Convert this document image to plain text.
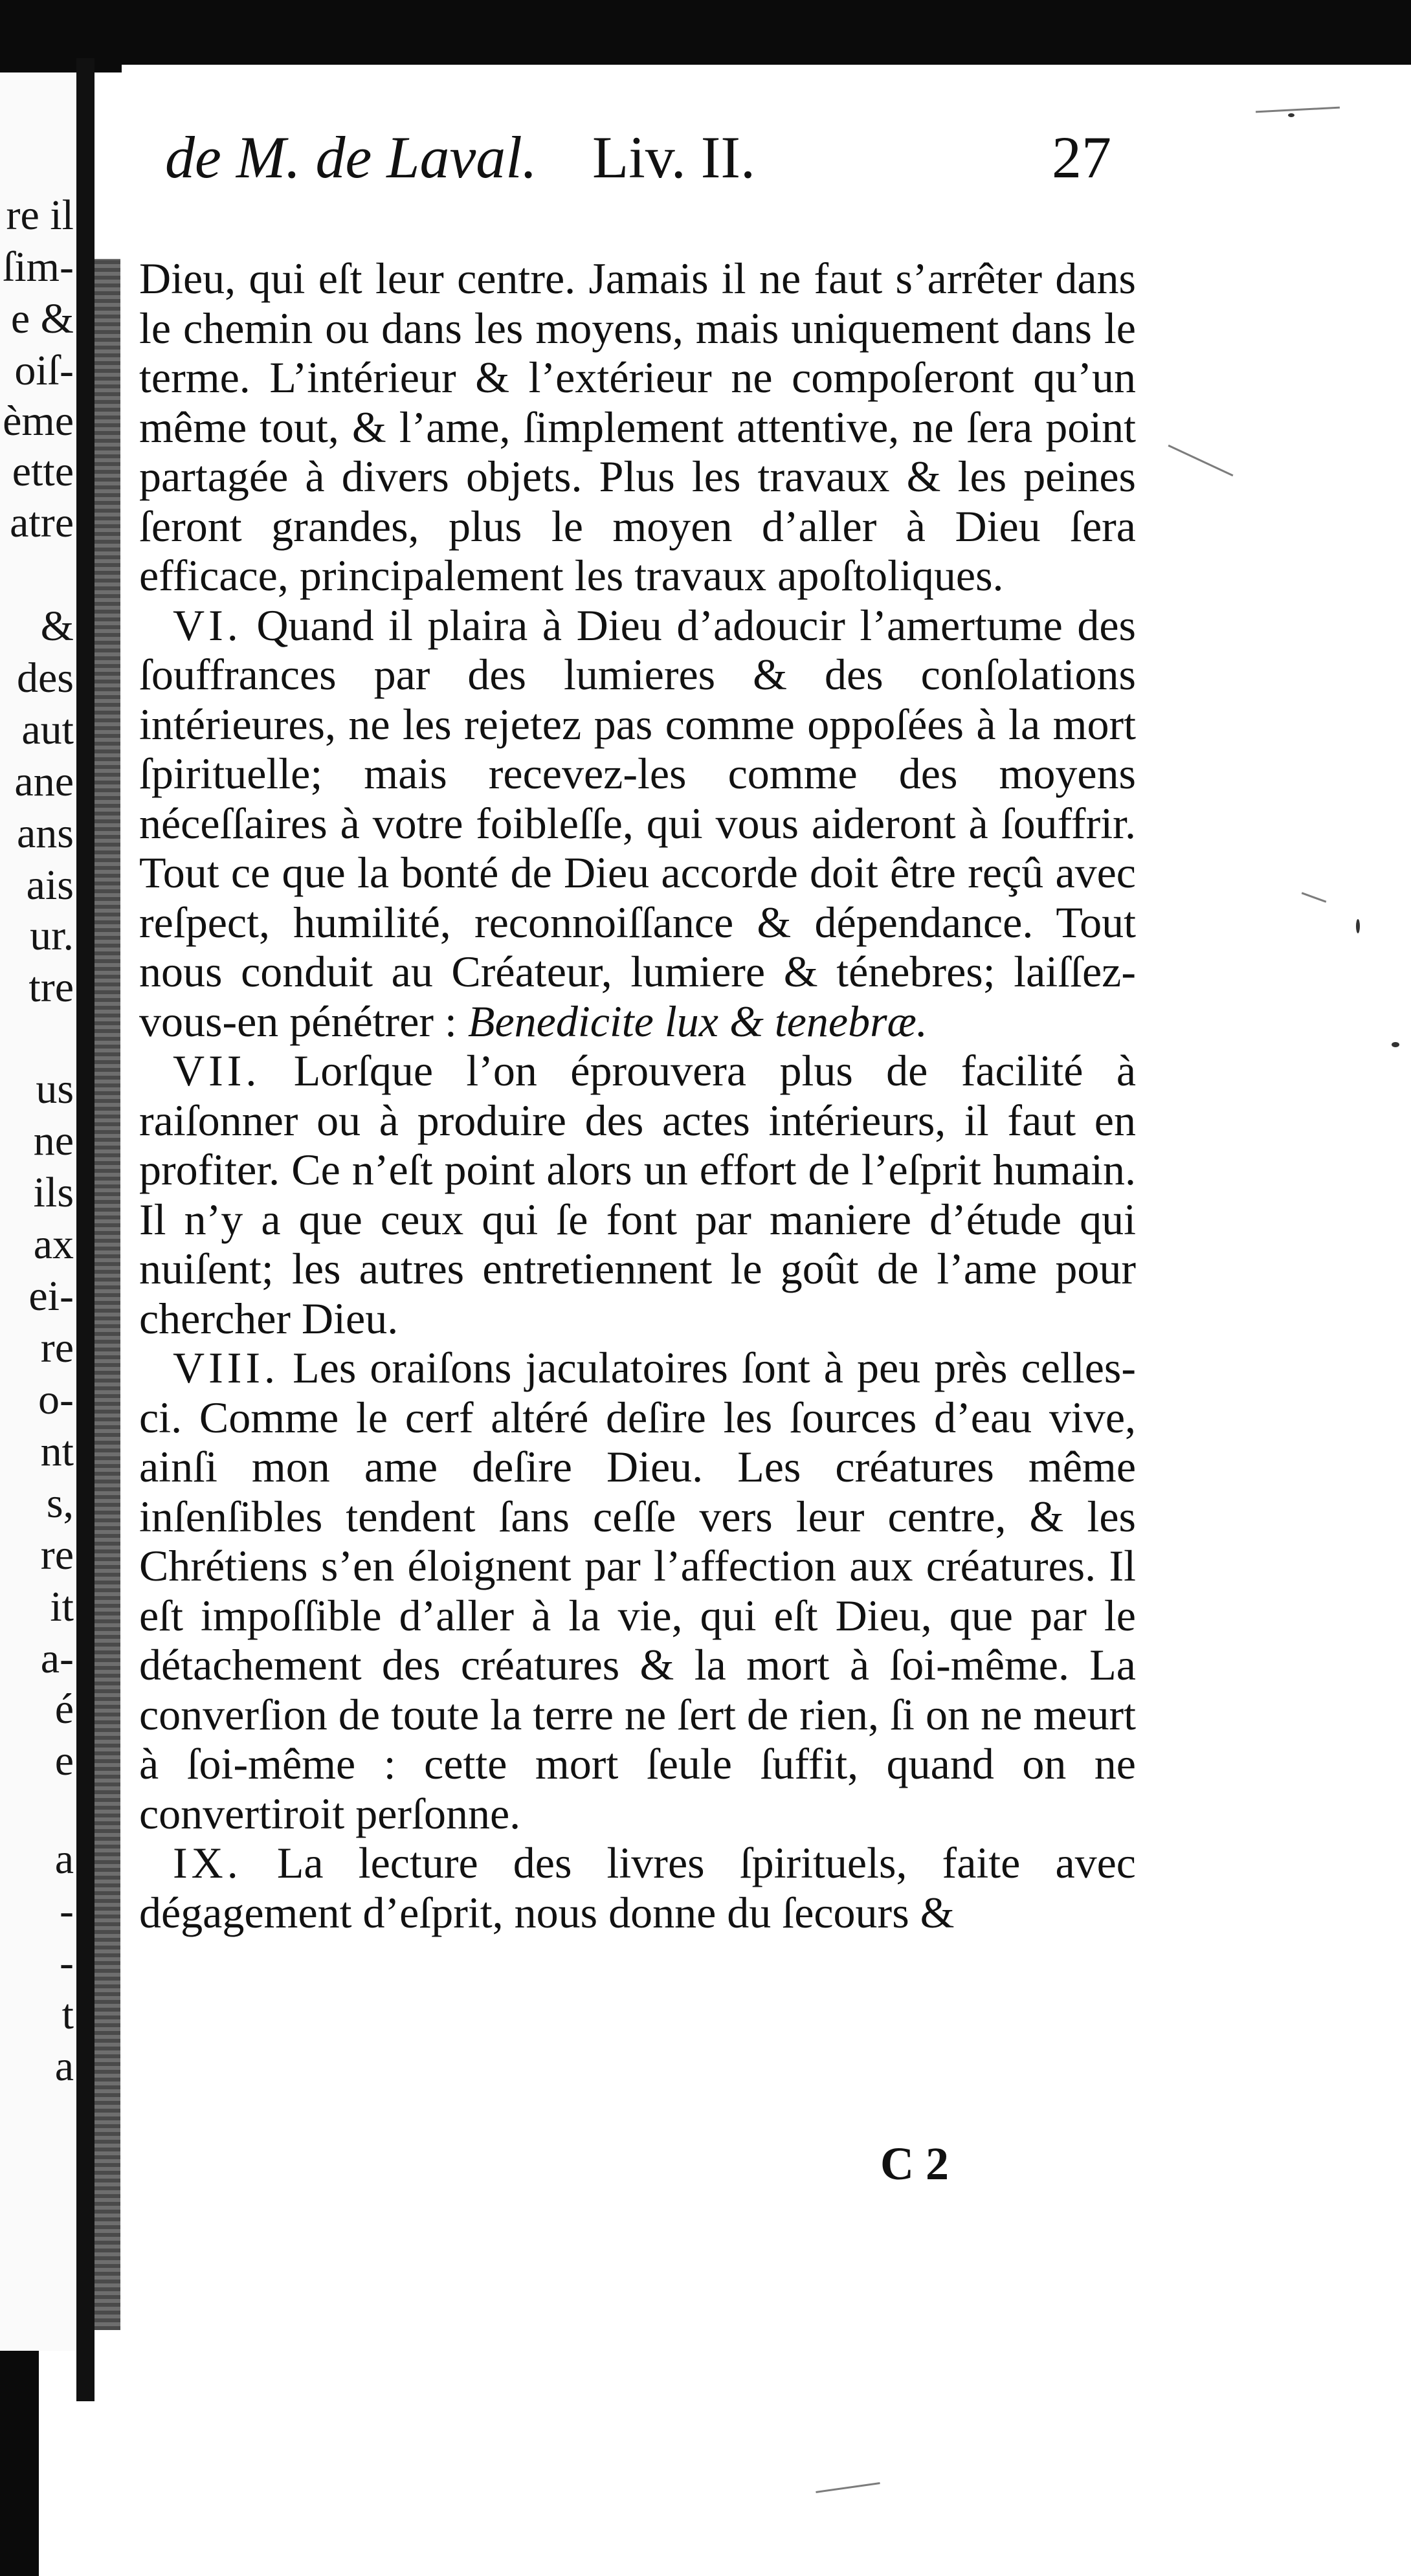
re il
ſim-
e &
oiſ-
ème
ette
atre
&
des
aut
ane
ans
ais
ur.
tre
us
ne
ils
ax
ei-
re
o-
nt
s,
re
it
a-
é
e
a
-
-
t
a
de M. de Laval. Liv. II.	27

Dieu, qui eſt leur centre. Jamais il ne faut s’arrêter dans le chemin ou dans les moyens, mais uniquement dans le terme. L’intérieur & l’extérieur ne compoſeront qu’un même tout, & l’ame, ſimplement attentive, ne ſera point partagée à divers objets. Plus les travaux & les peines ſeront grandes, plus le moyen d’aller à Dieu ſera efficace, principalement les travaux apoſtoliques.

VI. Quand il plaira à Dieu d’adoucir l’amertume des ſouffrances par des lumieres & des conſolations intérieures, ne les rejetez pas comme oppoſées à la mort ſpirituelle; mais recevez-les comme des moyens néceſſaires à votre foibleſſe, qui vous aideront à ſouffrir. Tout ce que la bonté de Dieu accorde doit être reçû avec reſpect, humilité, reconnoiſſance & dépendance. Tout nous conduit au Créateur, lumiere & ténebres; laiſſez-vous-en pénétrer : Benedicite lux & tenebræ.

VII. Lorſque l’on éprouvera plus de facilité à raiſonner ou à produire des actes intérieurs, il faut en profiter. Ce n’eſt point alors un effort de l’eſprit humain. Il n’y a que ceux qui ſe font par maniere d’étude qui nuiſent; les autres entretiennent le goût de l’ame pour chercher Dieu.

VIII. Les oraiſons jaculatoires ſont à peu près celles-ci. Comme le cerf altéré deſire les ſources d’eau vive, ainſi mon ame deſire Dieu. Les créatures même inſenſibles tendent ſans ceſſe vers leur centre, & les Chrétiens s’en éloignent par l’affection aux créatures. Il eſt impoſſible d’aller à la vie, qui eſt Dieu, que par le détachement des créatures & la mort à ſoi-même. La converſion de toute la terre ne ſert de rien, ſi on ne meurt à ſoi-même : cette mort ſeule ſuffit, quand on ne convertiroit perſonne.

IX. La lecture des livres ſpirituels, faite avec dégagement d’eſprit, nous donne du ſecours &

C 2
